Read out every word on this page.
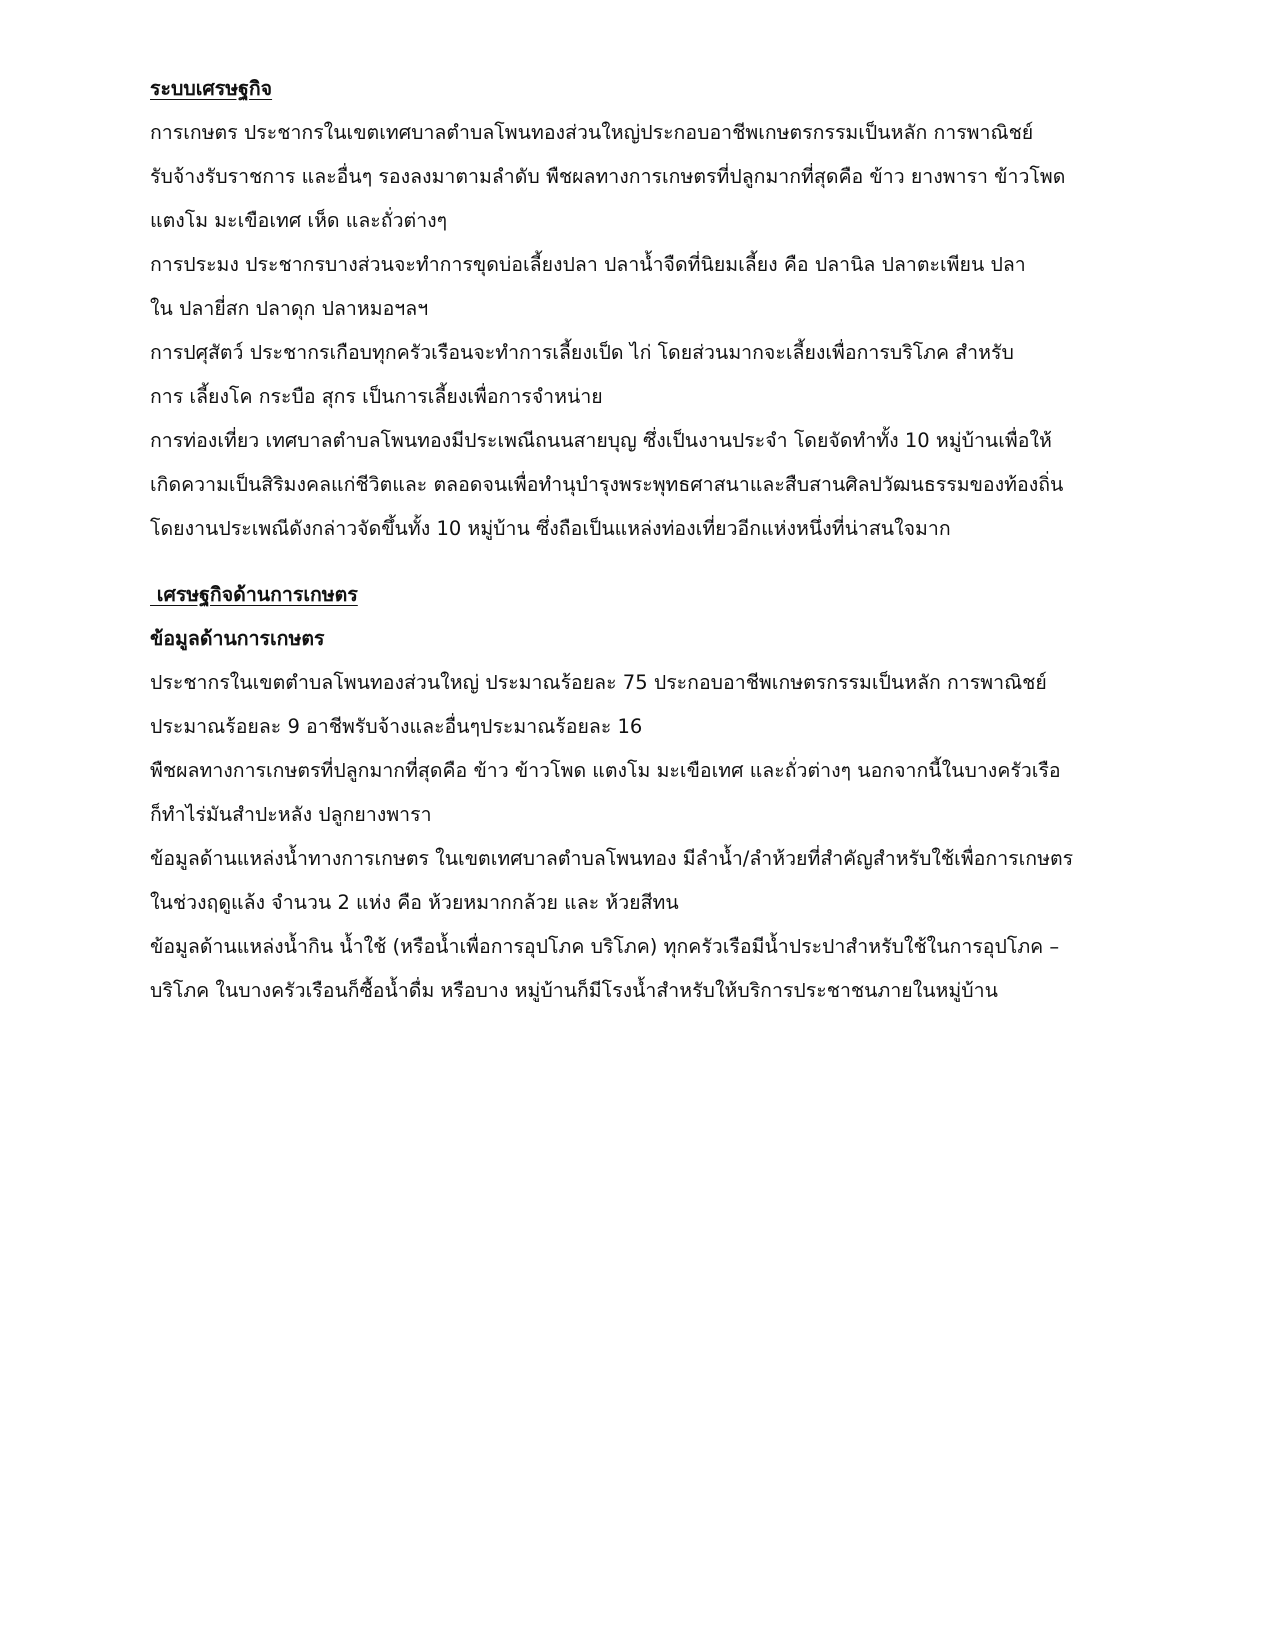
ระบบเศรษฐกิจ
การเกษตร ประชากรในเขตเทศบาลตำบลโพนทองส่วนใหญ่ประกอบอาชีพเกษตรกรรมเป็นหลัก การพาณิชย์
รับจ้างรับราชการ และอื่นๆ รองลงมาตามลำดับ พืชผลทางการเกษตรที่ปลูกมากที่สุดคือ ข้าว ยางพารา ข้าวโพด
แตงโม มะเขือเทศ เห็ด และถั่วต่างๆ
การประมง ประชากรบางส่วนจะทำการขุดบ่อเลี้ยงปลา ปลาน้ำจืดที่นิยมเลี้ยง คือ ปลานิล ปลาตะเพียน ปลา
ใน ปลายี่สก ปลาดุก ปลาหมอฯลฯ
การปศุสัตว์ ประชากรเกือบทุกครัวเรือนจะทำการเลี้ยงเป็ด ไก่ โดยส่วนมากจะเลี้ยงเพื่อการบริโภค สำหรับ
การ เลี้ยงโค กระบือ สุกร เป็นการเลี้ยงเพื่อการจำหน่าย
การท่องเที่ยว เทศบาลตำบลโพนทองมีประเพณีถนนสายบุญ ซึ่งเป็นงานประจำ โดยจัดทำทั้ง 10 หมู่บ้านเพื่อให้
เกิดความเป็นสิริมงคลแก่ชีวิตและ ตลอดจนเพื่อทำนุบำรุงพระพุทธศาสนาและสืบสานศิลปวัฒนธรรมของท้องถิ่น
โดยงานประเพณีดังกล่าวจัดขึ้นทั้ง 10 หมู่บ้าน ซึ่งถือเป็นแหล่งท่องเที่ยวอีกแห่งหนึ่งที่น่าสนใจมาก
เศรษฐกิจด้านการเกษตร
ข้อมูลด้านการเกษตร
ประชากรในเขตตำบลโพนทองส่วนใหญ่ ประมาณร้อยละ 75 ประกอบอาชีพเกษตรกรรมเป็นหลัก การพาณิชย์
ประมาณร้อยละ 9 อาชีพรับจ้างและอื่นๆประมาณร้อยละ 16
พืชผลทางการเกษตรที่ปลูกมากที่สุดคือ ข้าว ข้าวโพด แตงโม มะเขือเทศ และถั่วต่างๆ นอกจากนี้ในบางครัวเรือ
ก็ทำไร่มันสำปะหลัง ปลูกยางพารา
ข้อมูลด้านแหล่งน้ำทางการเกษตร ในเขตเทศบาลตำบลโพนทอง มีลำน้ำ/ลำห้วยที่สำคัญสำหรับใช้เพื่อการเกษตร
ในช่วงฤดูแล้ง จำนวน 2 แห่ง คือ ห้วยหมากกล้วย และ ห้วยสีทน
ข้อมูลด้านแหล่งน้ำกิน น้ำใช้ (หรือน้ำเพื่อการอุปโภค บริโภค) ทุกครัวเรือมีน้ำประปาสำหรับใช้ในการอุปโภค –
บริโภค ในบางครัวเรือนก็ซื้อน้ำดื่ม หรือบาง หมู่บ้านก็มีโรงน้ำสำหรับให้บริการประชาชนภายในหมู่บ้าน
